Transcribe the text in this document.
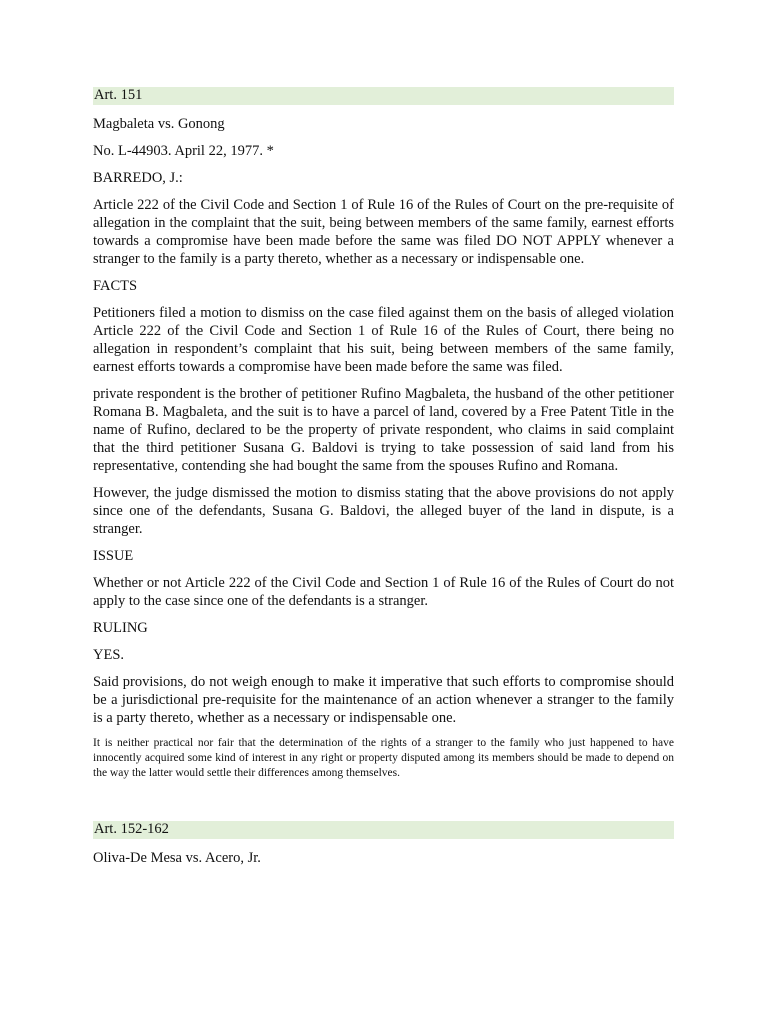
Art. 151

Magbaleta vs. Gonong

No. L-44903. April 22, 1977. *

BARREDO, J.:

Article 222 of the Civil Code and Section 1 of Rule 16 of the Rules of Court on the pre-requisite of allegation in the complaint that the suit, being between members of the same family, earnest efforts towards a compromise have been made before the same was filed DO NOT APPLY whenever a stranger to the family is a party thereto, whether as a necessary or indispensable one.

FACTS

Petitioners filed a motion to dismiss on the case filed against them on the basis of alleged violation Article 222 of the Civil Code and Section 1 of Rule 16 of the Rules of Court, there being no allegation in respondent’s complaint that his suit, being between members of the same family, earnest efforts towards a compromise have been made before the same was filed.

private respondent is the brother of petitioner Rufino Magbaleta, the husband of the other petitioner Romana B. Magbaleta, and the suit is to have a parcel of land, covered by a Free Patent Title in the name of Rufino, declared to be the property of private respondent, who claims in said complaint that the third petitioner Susana G. Baldovi is trying to take possession of said land from his representative, contending she had bought the same from the spouses Rufino and Romana.

However, the judge dismissed the motion to dismiss stating that the above provisions do not apply since one of the defendants, Susana G. Baldovi, the alleged buyer of the land in dispute, is a stranger.

ISSUE

Whether or not Article 222 of the Civil Code and Section 1 of Rule 16 of the Rules of Court do not apply to the case since one of the defendants is a stranger.

RULING

YES.

Said provisions, do not weigh enough to make it imperative that such efforts to compromise should be a jurisdictional pre-requisite for the maintenance of an action whenever a stranger to the family is a party thereto, whether as a necessary or indispensable one.

It is neither practical nor fair that the determination of the rights of a stranger to the family who just happened to have innocently acquired some kind of interest in any right or property disputed among its members should be made to depend on the way the latter would settle their differences among themselves.

Art. 152-162

Oliva-De Mesa vs. Acero, Jr.
